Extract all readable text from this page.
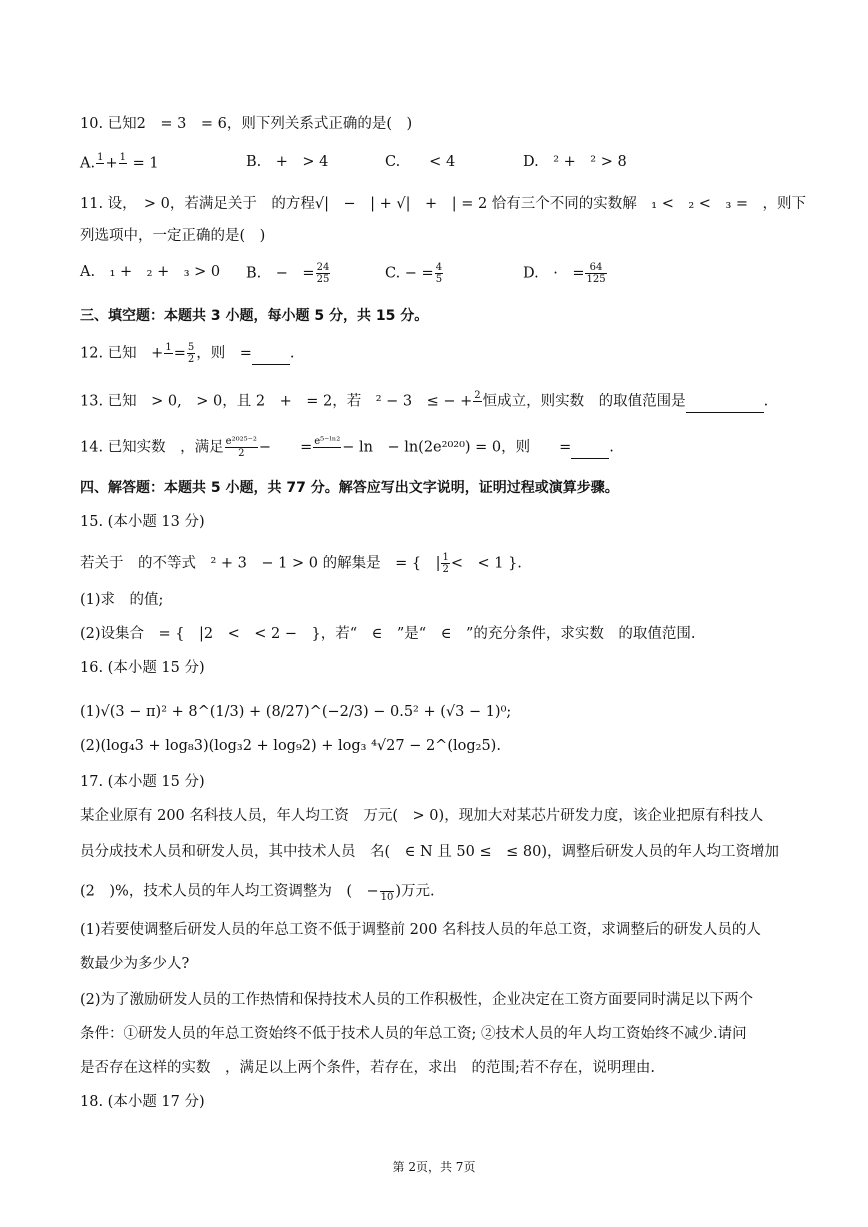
10. 已知2　= 3　= 6，则下列关系式正确的是(　)
A. 1
+ 1
= 1	B.　+　> 4	C.　　< 4	D.　² +　² > 8
11. 设，　> 0，若满足关于　的方程√|　−　| + √|　+　| = 2 恰有三个不同的实数解　₁ <　₂ <　₃ =　，则下
列选项中，一定正确的是(　)
A.　₁ +　₂ +　₃ > 0 B.　−　= $\frac{24}{25}$	C. − = $\frac{4}{5}$	D.　·　= $\frac{64}{125}$
三、填空题：本题共 3 小题，每小题 5 分，共 15 分。
12. 已知　+ 1
= $\frac{5}{2}$ ，则　=	.
13. 已知　> 0,　> 0，且 2　+　= 2，若　² − 3　≤ − + 2
恒成立，则实数　的取值范围是	.
14. 已知实数　，满足 $\frac{\text{e²⁰²⁵⁻²}}{2}$ −　　= e⁵⁻ˡⁿ²
− ln　− ln(2e²⁰²⁰) = 0，则　　=	.
四、解答题：本题共 5 小题，共 77 分。解答应写出文字说明，证明过程或演算步骤。
15. (本小题 13 分)
若关于　的不等式　² + 3　− 1 > 0 的解集是　= {　| $\frac{1}{2}$ <　< 1 }.
(1)求　的值;
(2)设集合　= {　|2　<　< 2 −　}，若“　∈　”是“　∈　”的充分条件，求实数　的取值范围.
16. (本小题 15 分)
(1)√(3 − π)² + 8^(1/3) + (8/27)^(−2/3) − 0.5² + (√3 − 1)⁰;
(2)(log₄3 + log₈3)(log₃2 + log₉2) + log₃ ⁴√27 − 2^(log₂5).
17. (本小题 15 分)
某企业原有 200 名科技人员，年人均工资　万元(　> 0)，现加大对某芯片研发力度，该企业把原有科技人
员分成技术人员和研发人员，其中技术人员　名(　∈ N 且 50 ≤　≤ 80)，调整后研发人员的年人均工资增加
(2　)%，技术人员的年人均工资调整为　(　−
10 )万元.
(1)若要使调整后研发人员的年总工资不低于调整前 200 名科技人员的年总工资，求调整后的研发人员的人
数最少为多少人?
(2)为了激励研发人员的工作热情和保持技术人员的工作积极性，企业决定在工资方面要同时满足以下两个
条件：①研发人员的年总工资始终不低于技术人员的年总工资; ②技术人员的年人均工资始终不减少.请问
是否存在这样的实数　，满足以上两个条件，若存在，求出　的范围;若不存在，说明理由.
18. (本小题 17 分)
第 2页，共 7页
